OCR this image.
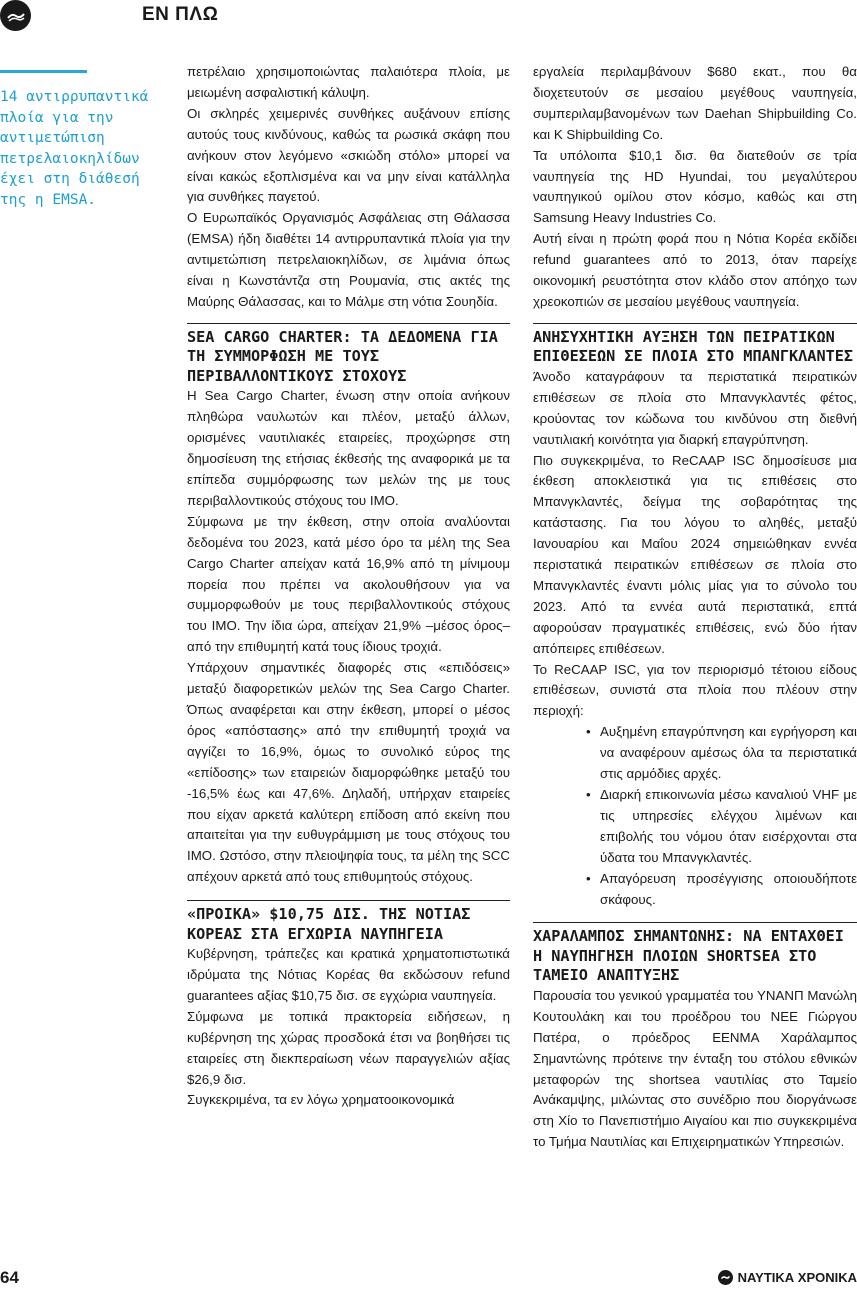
ΕΝ ΠΛΩ
14 αντιρρυπαντικά πλοία για την αντιμετώπιση πετρελαιοκηλίδων έχει στη διάθεσή της η EMSA.

πετρέλαιο χρησιμοποιώντας παλαιότερα πλοία, με μειωμένη ασφαλιστική κάλυψη.

Οι σκληρές χειμερινές συνθήκες αυξάνουν επίσης αυτούς τους κινδύνους, καθώς τα ρωσικά σκάφη που ανήκουν στον λεγόμενο «σκιώδη στόλο» μπορεί να είναι κακώς εξοπλισμένα και να μην είναι κατάλληλα για συνθήκες παγετού.

Ο Ευρωπαϊκός Οργανισμός Ασφάλειας στη Θάλασσα (EMSA) ήδη διαθέτει 14 αντιρρυπαντικά πλοία για την αντιμετώπιση πετρελαιοκηλίδων, σε λιμάνια όπως είναι η Κωνστάντζα στη Ρουμανία, στις ακτές της Μαύρης Θάλασσας, και το Μάλμε στη νότια Σουηδία.

SEA CARGO CHARTER: ΤΑ ΔΕΔΟΜΕΝΑ ΓΙΑ ΤΗ ΣΥΜΜΟΡΦΩΣΗ ΜΕ ΤΟΥΣ ΠΕΡΙΒΑΛΛΟΝΤΙΚΟΥΣ ΣΤΟΧΟΥΣ

Η Sea Cargo Charter, ένωση στην οποία ανήκουν πληθώρα ναυλωτών και πλέον, μεταξύ άλλων, ορισμένες ναυτιλιακές εταιρείες, προχώρησε στη δημοσίευση της ετήσιας έκθεσής της αναφορικά με τα επίπεδα συμμόρφωσης των μελών της με τους περιβαλλοντικούς στόχους του ΙΜΟ.

Σύμφωνα με την έκθεση, στην οποία αναλύονται δεδομένα του 2023, κατά μέσο όρο τα μέλη της Sea Cargo Charter απείχαν κατά 16,9% από τη μίνιμουμ πορεία που πρέπει να ακολουθήσουν για να συμμορφωθούν με τους περιβαλλοντικούς στόχους του ΙΜΟ. Την ίδια ώρα, απείχαν 21,9% –μέσος όρος– από την επιθυμητή κατά τους ίδιους τροχιά.

Υπάρχουν σημαντικές διαφορές στις «επιδόσεις» μεταξύ διαφορετικών μελών της Sea Cargo Charter. Όπως αναφέρεται και στην έκθεση, μπορεί ο μέσος όρος «απόστασης» από την επιθυμητή τροχιά να αγγίζει το 16,9%, όμως το συνολικό εύρος της «επίδοσης» των εταιρειών διαμορφώθηκε μεταξύ του -16,5% έως και 47,6%. Δηλαδή, υπήρχαν εταιρείες που είχαν αρκετά καλύτερη επίδοση από εκείνη που απαιτείται για την ευθυγράμμιση με τους στόχους του ΙΜΟ. Ωστόσο, στην πλειοψηφία τους, τα μέλη της SCC απέχουν αρκετά από τους επιθυμητούς στόχους.

«ΠΡΟΙΚΑ» $10,75 ΔΙΣ. ΤΗΣ ΝΟΤΙΑΣ ΚΟΡΕΑΣ ΣΤΑ ΕΓΧΩΡΙΑ ΝΑΥΠΗΓΕΙΑ

Κυβέρνηση, τράπεζες και κρατικά χρηματοπιστωτικά ιδρύματα της Νότιας Κορέας θα εκδώσουν refund guarantees αξίας $10,75 δισ. σε εγχώρια ναυπηγεία.

Σύμφωνα με τοπικά πρακτορεία ειδήσεων, η κυβέρνηση της χώρας προσδοκά έτσι να βοηθήσει τις εταιρείες στη διεκπεραίωση νέων παραγγελιών αξίας $26,9 δισ.

Συγκεκριμένα, τα εν λόγω χρηματοοικονομικά

εργαλεία περιλαμβάνουν $680 εκατ., που θα διοχετευτούν σε μεσαίου μεγέθους ναυπηγεία, συμπεριλαμβανομένων των Daehan Shipbuilding Co. και K Shipbuilding Co.

Τα υπόλοιπα $10,1 δισ. θα διατεθούν σε τρία ναυπηγεία της HD Hyundai, του μεγαλύτερου ναυπηγικού ομίλου στον κόσμο, καθώς και στη Samsung Heavy Industries Co.

Αυτή είναι η πρώτη φορά που η Νότια Κορέα εκδίδει refund guarantees από το 2013, όταν παρείχε οικονομική ρευστότητα στον κλάδο στον απόηχο των χρεοκοπιών σε μεσαίου μεγέθους ναυπηγεία.

ΑΝΗΣΥΧΗΤΙΚΗ ΑΥΞΗΣΗ ΤΩΝ ΠΕΙΡΑΤΙΚΩΝ ΕΠΙΘΕΣΕΩΝ ΣΕ ΠΛΟΙΑ ΣΤΟ ΜΠΑΝΓΚΛΑΝΤΕΣ

Άνοδο καταγράφουν τα περιστατικά πειρατικών επιθέσεων σε πλοία στο Μπανγκλαντές φέτος, κρούοντας τον κώδωνα του κινδύνου στη διεθνή ναυτιλιακή κοινότητα για διαρκή επαγρύπνηση.

Πιο συγκεκριμένα, το ReCAAP ISC δημοσίευσε μια έκθεση αποκλειστικά για τις επιθέσεις στο Μπανγκλαντές, δείγμα της σοβαρότητας της κατάστασης. Για του λόγου το αληθές, μεταξύ Ιανουαρίου και Μαΐου 2024 σημειώθηκαν εννέα περιστατικά πειρατικών επιθέσεων σε πλοία στο Μπανγκλαντές έναντι μόλις μίας για το σύνολο του 2023. Από τα εννέα αυτά περιστατικά, επτά αφορούσαν πραγματικές επιθέσεις, ενώ δύο ήταν απόπειρες επιθέσεων.

Το ReCAAP ISC, για τον περιορισμό τέτοιου είδους επιθέσεων, συνιστά στα πλοία που πλέουν στην περιοχή:

• Αυξημένη επαγρύπνηση και εγρήγορση και να αναφέρουν αμέσως όλα τα περιστατικά στις αρμόδιες αρχές.
• Διαρκή επικοινωνία μέσω καναλιού VHF με τις υπηρεσίες ελέγχου λιμένων και επιβολής του νόμου όταν εισέρχονται στα ύδατα του Μπανγκλαντές.
• Απαγόρευση προσέγγισης οποιουδήποτε σκάφους.
ΧΑΡΑΛΑΜΠΟΣ ΣΗΜΑΝΤΩΝΗΣ: ΝΑ ΕΝΤΑΧΘΕΙ Η ΝΑΥΠΗΓΗΣΗ ΠΛΟΙΩΝ SHORTSEA ΣΤΟ ΤΑΜΕΙΟ ΑΝΑΠΤΥΞΗΣ

Παρουσία του γενικού γραμματέα του ΥΝΑΝΠ Μανώλη Κουτουλάκη και του προέδρου του ΝΕΕ Γιώργου Πατέρα, ο πρόεδρος ΕΕΝΜΑ Χαράλαμπος Σημαντώνης πρότεινε την ένταξη του στόλου εθνικών μεταφορών της shortsea ναυτιλίας στο Ταμείο Ανάκαμψης, μιλώντας στο συνέδριο που διοργάνωσε στη Χίο το Πανεπιστήμιο Αιγαίου και πιο συγκεκριμένα το Τμήμα Ναυτιλίας και Επιχειρηματικών Υπηρεσιών.

64	ΝΑΥΤΙΚΑ ΧΡΟΝΙΚΑ
